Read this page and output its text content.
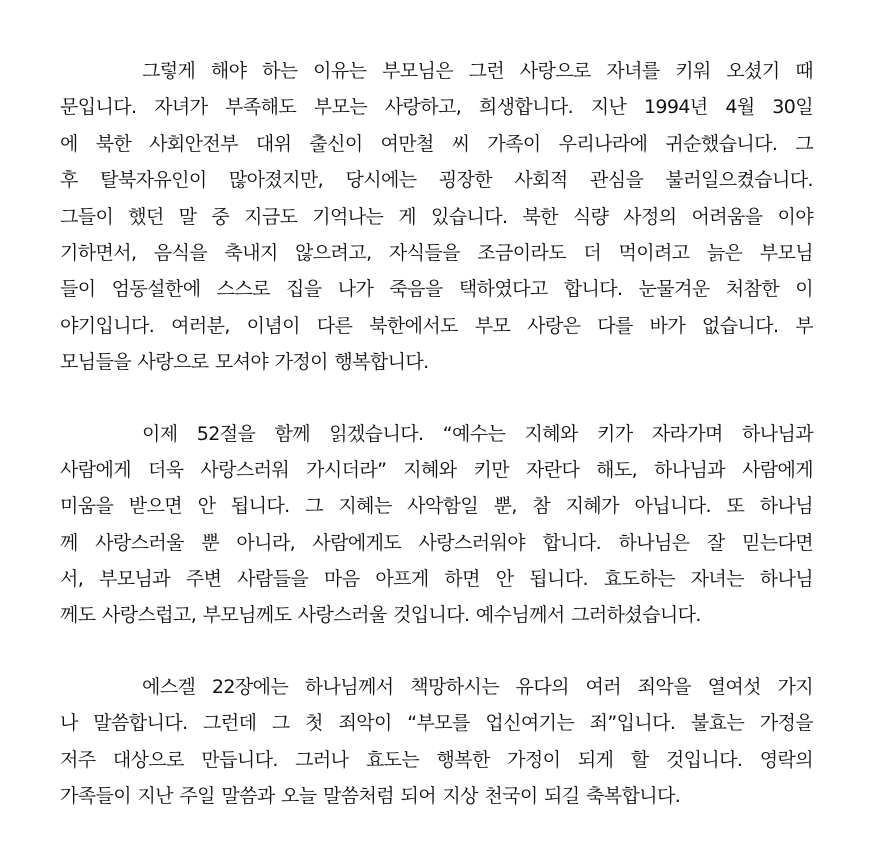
그렇게 해야 하는 이유는 부모님은 그런 사랑으로 자녀를 키워 오셨기 때
문입니다. 자녀가 부족해도 부모는 사랑하고, 희생합니다. 지난 1994년 4월 30일
에 북한 사회안전부 대위 출신이 여만철 씨 가족이 우리나라에 귀순했습니다. 그
후 탈북자유인이 많아졌지만, 당시에는 굉장한 사회적 관심을 불러일으켰습니다.
그들이 했던 말 중 지금도 기억나는 게 있습니다. 북한 식량 사정의 어려움을 이야
기하면서, 음식을 축내지 않으려고, 자식들을 조금이라도 더 먹이려고 늙은 부모님
들이 엄동설한에 스스로 집을 나가 죽음을 택하였다고 합니다. 눈물겨운 처참한 이
야기입니다. 여러분, 이념이 다른 북한에서도 부모 사랑은 다를 바가 없습니다. 부
모님들을 사랑으로 모셔야 가정이 행복합니다.
이제 52절을 함께 읽겠습니다. “예수는 지혜와 키가 자라가며 하나님과
사람에게 더욱 사랑스러워 가시더라” 지혜와 키만 자란다 해도, 하나님과 사람에게
미움을 받으면 안 됩니다. 그 지혜는 사악함일 뿐, 참 지혜가 아닙니다. 또 하나님
께 사랑스러울 뿐 아니라, 사람에게도 사랑스러워야 합니다. 하나님은 잘 믿는다면
서, 부모님과 주변 사람들을 마음 아프게 하면 안 됩니다. 효도하는 자녀는 하나님
께도 사랑스럽고, 부모님께도 사랑스러울 것입니다. 예수님께서 그러하셨습니다.
에스겔 22장에는 하나님께서 책망하시는 유다의 여러 죄악을 열여섯 가지
나 말씀합니다. 그런데 그 첫 죄악이 “부모를 업신여기는 죄”입니다. 불효는 가정을
저주 대상으로 만듭니다. 그러나 효도는 행복한 가정이 되게 할 것입니다. 영락의
가족들이 지난 주일 말씀과 오늘 말씀처럼 되어 지상 천국이 되길 축복합니다.
